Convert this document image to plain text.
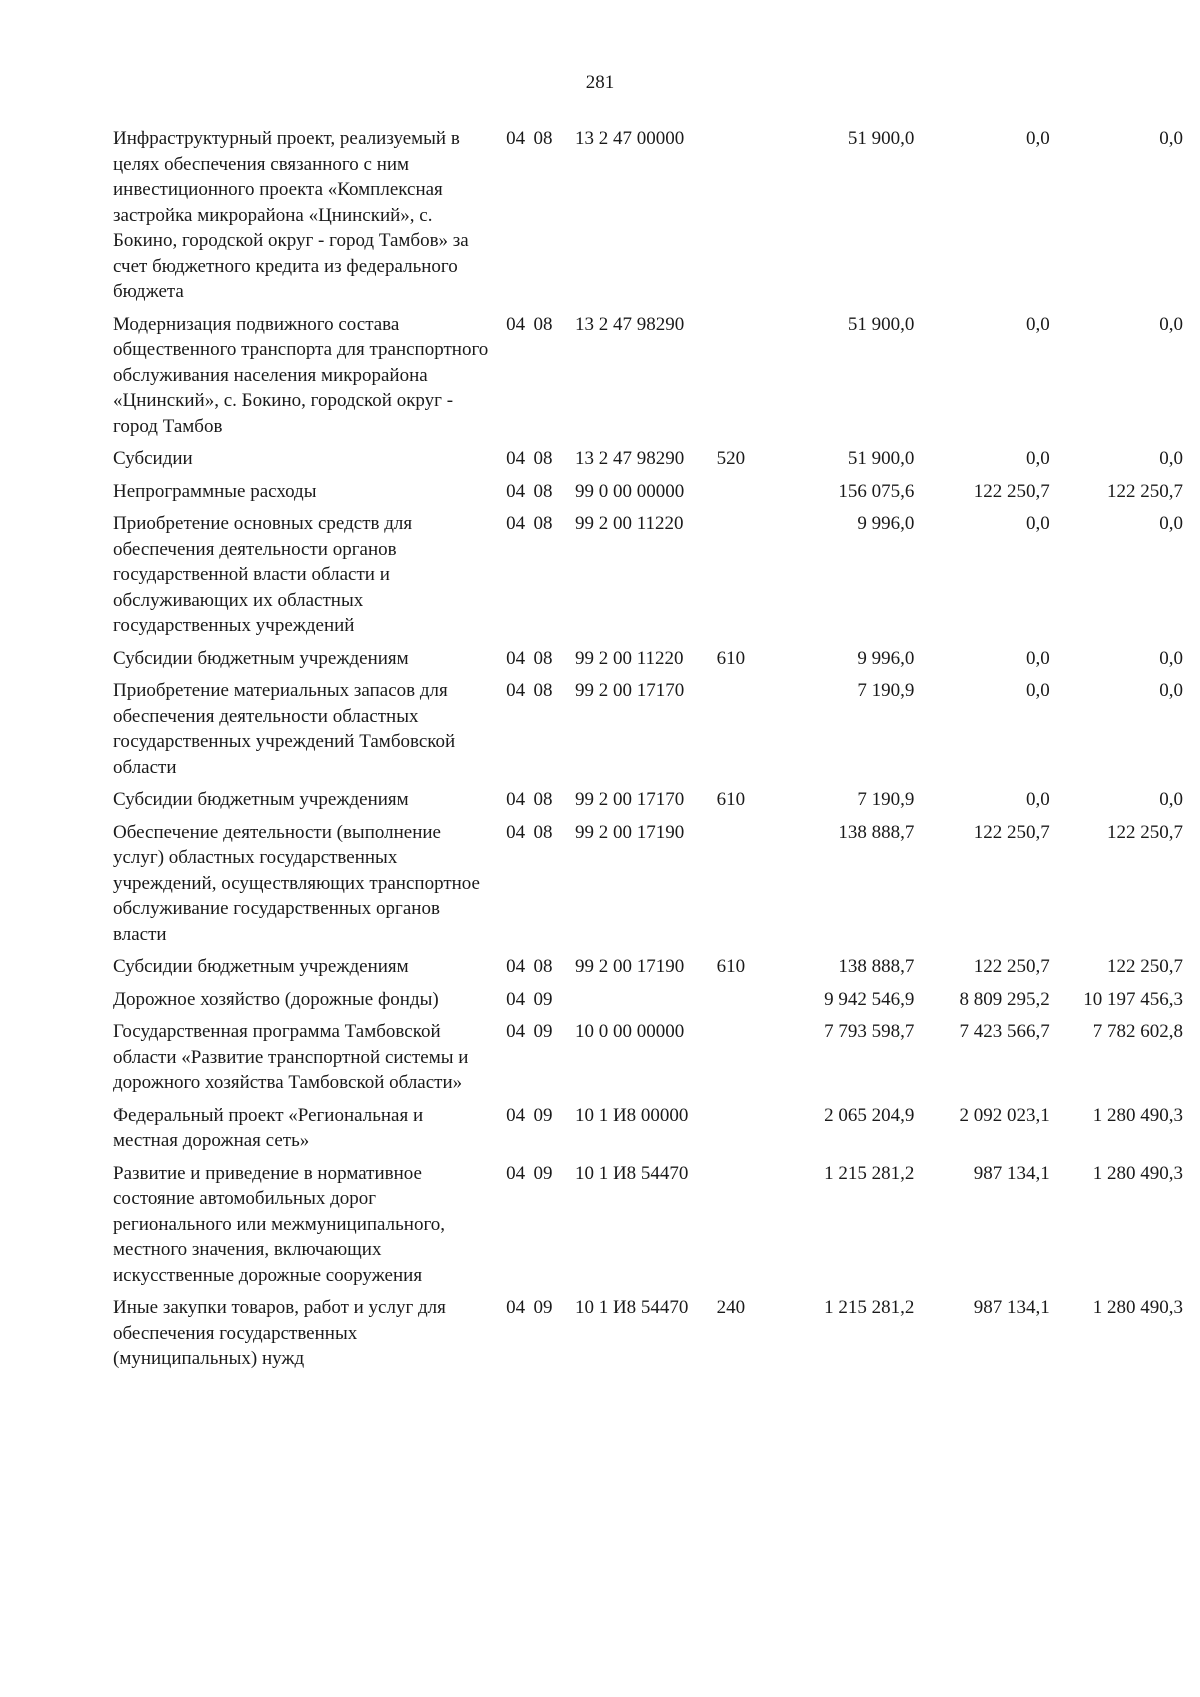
281
Инфраструктурный проект, реализуемый в целях обеспечения связанного с ним инвестиционного проекта «Комплексная застройка микрорайона «Цнинский», с. Бокино, городской округ - город Тамбов» за счет бюджетного кредита из федерального бюджета	04	08	13 2 47 00000		51 900,0	0,0	0,0
Модернизация подвижного состава общественного транспорта для транспортного обслуживания населения микрорайона «Цнинский», с. Бокино, городской округ - город Тамбов	04	08	13 2 47 98290		51 900,0	0,0	0,0
Субсидии	04	08	13 2 47 98290	520	51 900,0	0,0	0,0
Непрограммные расходы	04	08	99 0 00 00000		156 075,6	122 250,7	122 250,7
Приобретение основных средств для обеспечения деятельности органов государственной власти области и обслуживающих их областных государственных учреждений	04	08	99 2 00 11220		9 996,0	0,0	0,0
Субсидии бюджетным учреждениям	04	08	99 2 00 11220	610	9 996,0	0,0	0,0
Приобретение материальных запасов для обеспечения деятельности областных государственных учреждений Тамбовской области	04	08	99 2 00 17170		7 190,9	0,0	0,0
Субсидии бюджетным учреждениям	04	08	99 2 00 17170	610	7 190,9	0,0	0,0
Обеспечение деятельности (выполнение услуг) областных государственных учреждений, осуществляющих транспортное обслуживание государственных органов власти	04	08	99 2 00 17190		138 888,7	122 250,7	122 250,7
Субсидии бюджетным учреждениям	04	08	99 2 00 17190	610	138 888,7	122 250,7	122 250,7
Дорожное хозяйство (дорожные фонды)	04	09			9 942 546,9	8 809 295,2	10 197 456,3
Государственная программа Тамбовской области «Развитие транспортной системы и дорожного хозяйства Тамбовской области»	04	09	10 0 00 00000		7 793 598,7	7 423 566,7	7 782 602,8
Федеральный проект «Региональная и местная дорожная сеть»	04	09	10 1 И8 00000		2 065 204,9	2 092 023,1	1 280 490,3
Развитие и приведение в нормативное состояние автомобильных дорог регионального или межмуниципального, местного значения, включающих искусственные дорожные сооружения	04	09	10 1 И8 54470		1 215 281,2	987 134,1	1 280 490,3
Иные закупки товаров, работ и услуг для обеспечения государственных (муниципальных) нужд	04	09	10 1 И8 54470	240	1 215 281,2	987 134,1	1 280 490,3
